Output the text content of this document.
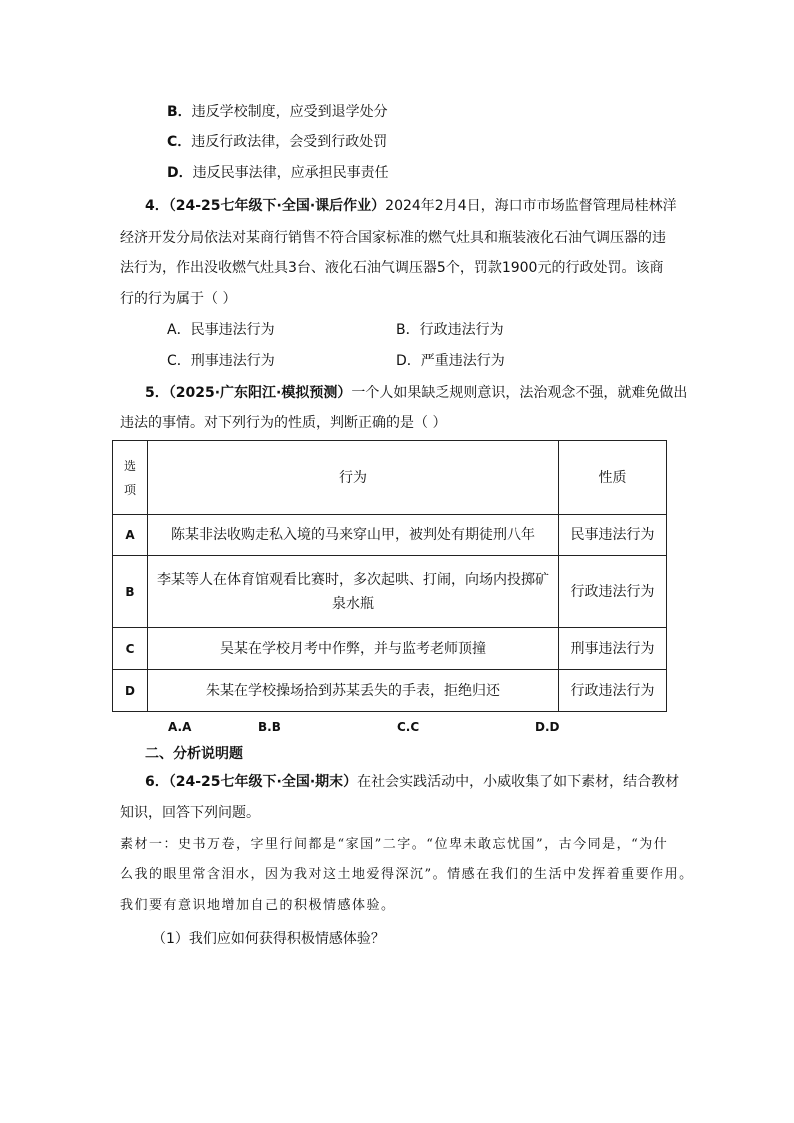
B．违反学校制度，应受到退学处分
C．违反行政法律，会受到行政处罚
D．违反民事法律，应承担民事责任
4．（24-25七年级下·全国·课后作业）2024年2月4日，海口市市场监督管理局桂林洋
经济开发分局依法对某商行销售不符合国家标准的燃气灶具和瓶装液化石油气调压器的违
法行为，作出没收燃气灶具3台、液化石油气调压器5个，罚款1900元的行政处罚。该商
行的行为属于（ ）
A．民事违法行为	B．行政违法行为
C．刑事违法行为	D．严重违法行为
5．（2025·广东阳江·模拟预测）一个人如果缺乏规则意识，法治观念不强，就难免做出
违法的事情。对下列行为的性质，判断正确的是（ ）
选
项	行为	性质
A	陈某非法收购走私入境的马来穿山甲，被判处有期徒刑八年	民事违法行为
B	李某等人在体育馆观看比赛时，多次起哄、打闹，向场内投掷矿
泉水瓶	行政违法行为
C	吴某在学校月考中作弊，并与监考老师顶撞	刑事违法行为
D	朱某在学校操场拾到苏某丢失的手表，拒绝归还	行政违法行为
A.A	B.B	C.C	D.D
二、分析说明题
6．（24-25七年级下·全国·期末）在社会实践活动中，小威收集了如下素材，结合教材
知识，回答下列问题。
素材一：史书万卷，字里行间都是“家国”二字。“位卑未敢忘忧国”，古今同是，“为什
么我的眼里常含泪水，因为我对这土地爱得深沉”。情感在我们的生活中发挥着重要作用。
我们要有意识地增加自己的积极情感体验。
（1）我们应如何获得积极情感体验？
